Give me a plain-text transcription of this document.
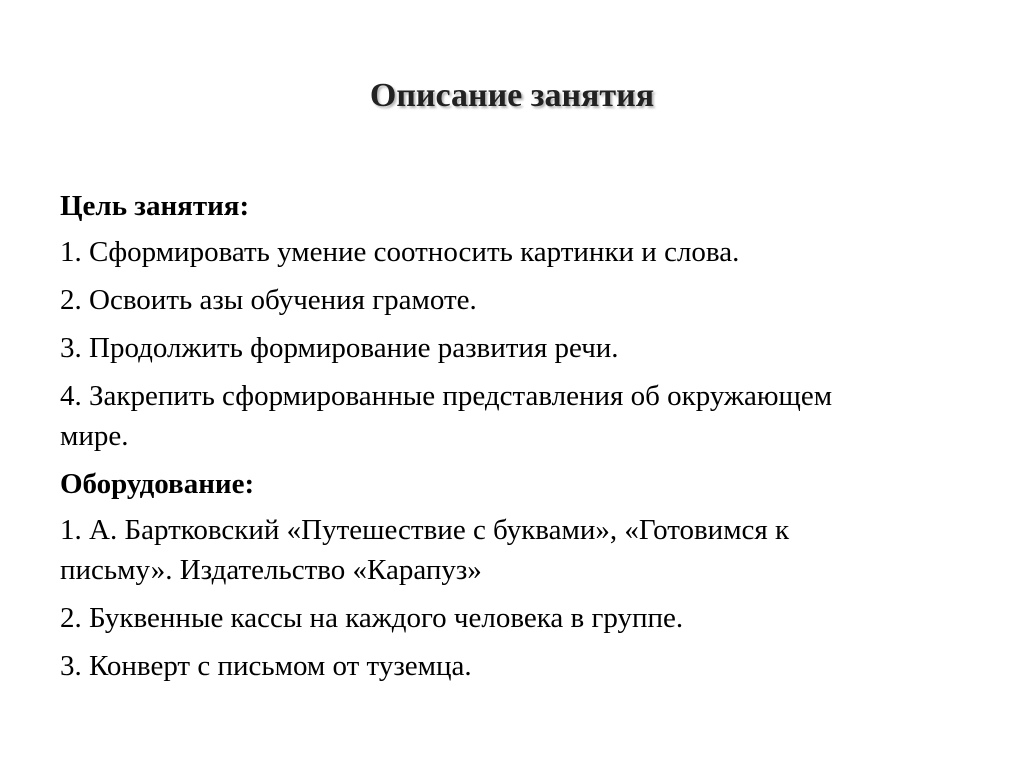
Описание занятия
Цель занятия:
1. Сформировать умение соотносить картинки и слова.
2. Освоить азы обучения грамоте.
3. Продолжить формирование развития речи.
4. Закрепить сформированные представления об окружающем
мире.
Оборудование:
1. А. Бартковский «Путешествие с буквами», «Готовимся к
письму». Издательство «Карапуз»
2. Буквенные кассы на каждого человека в группе.
3. Конверт с письмом от туземца.
